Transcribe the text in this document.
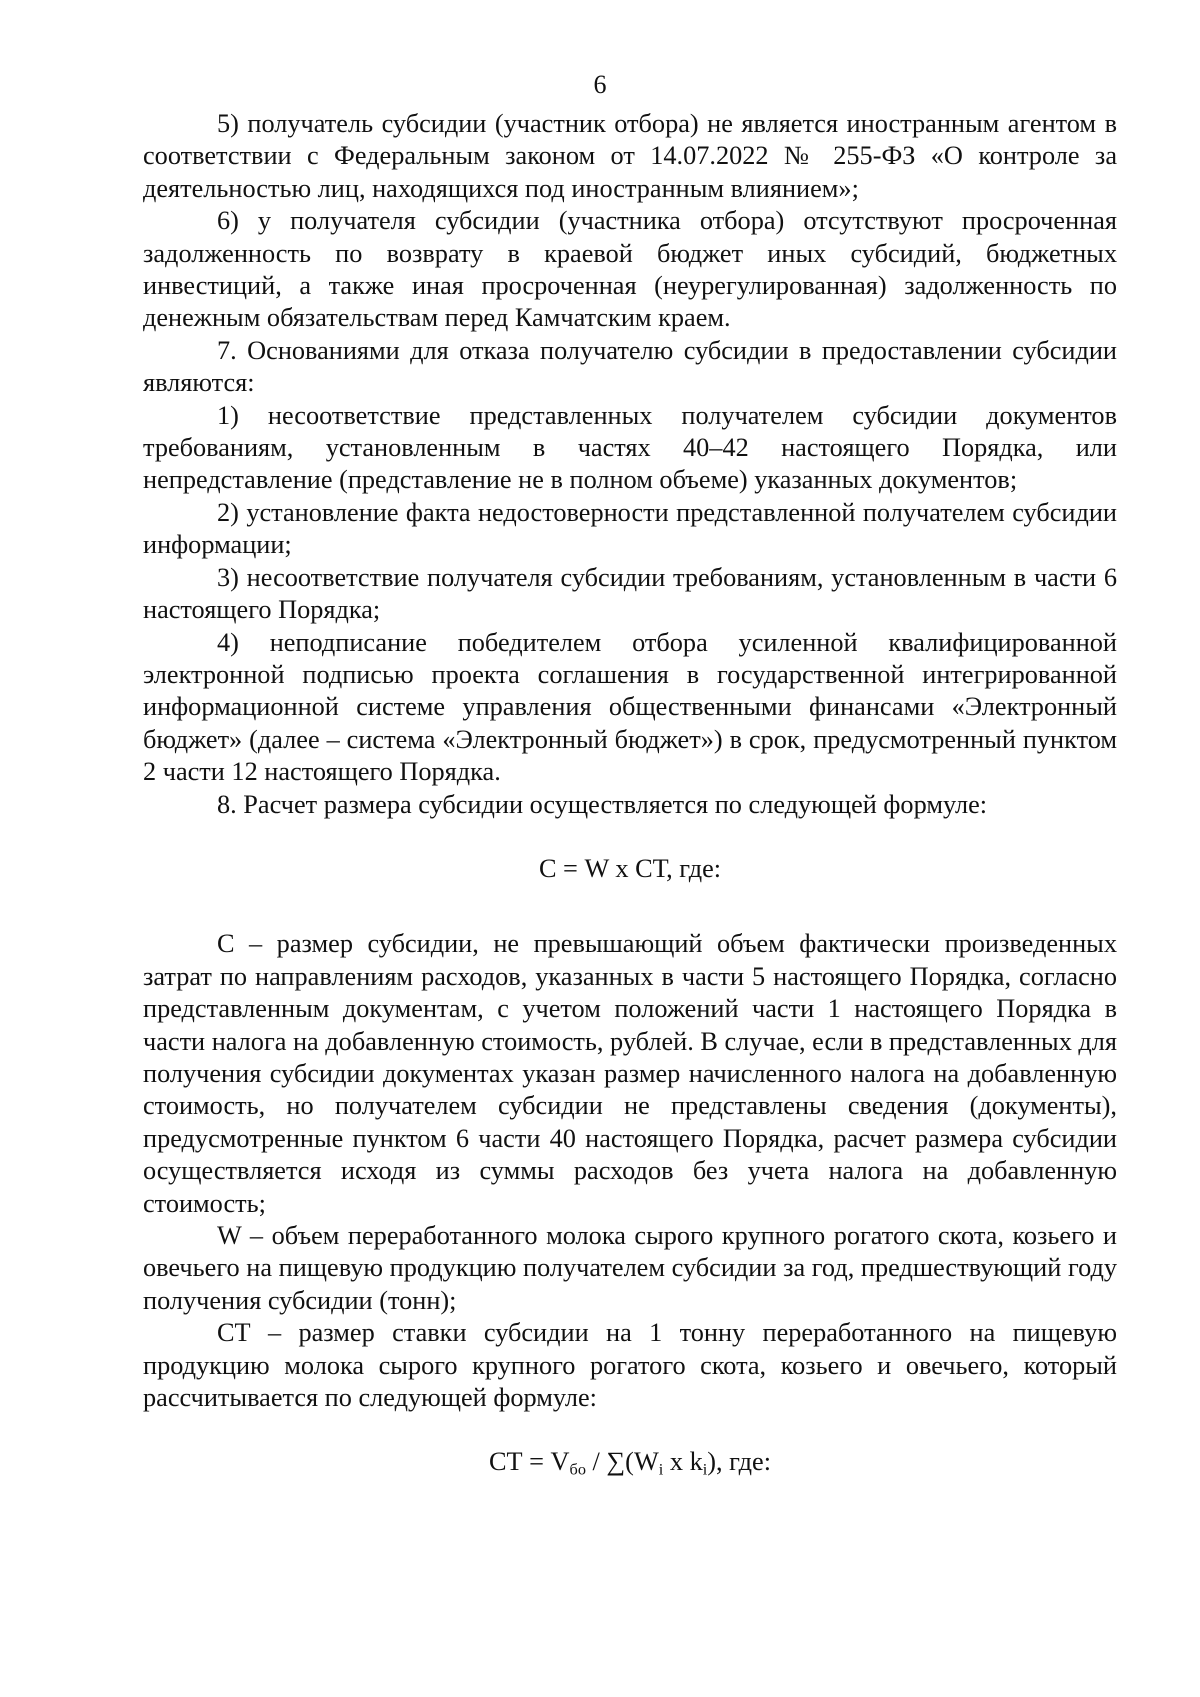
6

5) получатель субсидии (участник отбора) не является иностранным агентом в соответствии с Федеральным законом от 14.07.2022 № 255-ФЗ «О контроле за деятельностью лиц, находящихся под иностранным влиянием»;

6) у получателя субсидии (участника отбора) отсутствуют просроченная задолженность по возврату в краевой бюджет иных субсидий, бюджетных инвестиций, а также иная просроченная (неурегулированная) задолженность по денежным обязательствам перед Камчатским краем.

7. Основаниями для отказа получателю субсидии в предоставлении субсидии являются:

1) несоответствие представленных получателем субсидии документов требованиям, установленным в частях 40–42 настоящего Порядка, или непредставление (представление не в полном объеме) указанных документов;

2) установление факта недостоверности представленной получателем субсидии информации;

3) несоответствие получателя субсидии требованиям, установленным в части 6 настоящего Порядка;

4) неподписание победителем отбора усиленной квалифицированной электронной подписью проекта соглашения в государственной интегрированной информационной системе управления общественными финансами «Электронный бюджет» (далее – система «Электронный бюджет») в срок, предусмотренный пунктом 2 части 12 настоящего Порядка.

8. Расчет размера субсидии осуществляется по следующей формуле:

С = W x СТ, где:

С – размер субсидии, не превышающий объем фактически произведенных затрат по направлениям расходов, указанных в части 5 настоящего Порядка, согласно представленным документам, с учетом положений части 1 настоящего Порядка в части налога на добавленную стоимость, рублей. В случае, если в представленных для получения субсидии документах указан размер начисленного налога на добавленную стоимость, но получателем субсидии не представлены сведения (документы), предусмотренные пунктом 6 части 40 настоящего Порядка, расчет размера субсидии осуществляется исходя из суммы расходов без учета налога на добавленную стоимость;

W – объем переработанного молока сырого крупного рогатого скота, козьего и овечьего на пищевую продукцию получателем субсидии за год, предшествующий году получения субсидии (тонн);

СТ – размер ставки субсидии на 1 тонну переработанного на пищевую продукцию молока сырого крупного рогатого скота, козьего и овечьего, который рассчитывается по следующей формуле:

СТ = $V_{бо} / \sum(W_i$ x $k_i$), где:
